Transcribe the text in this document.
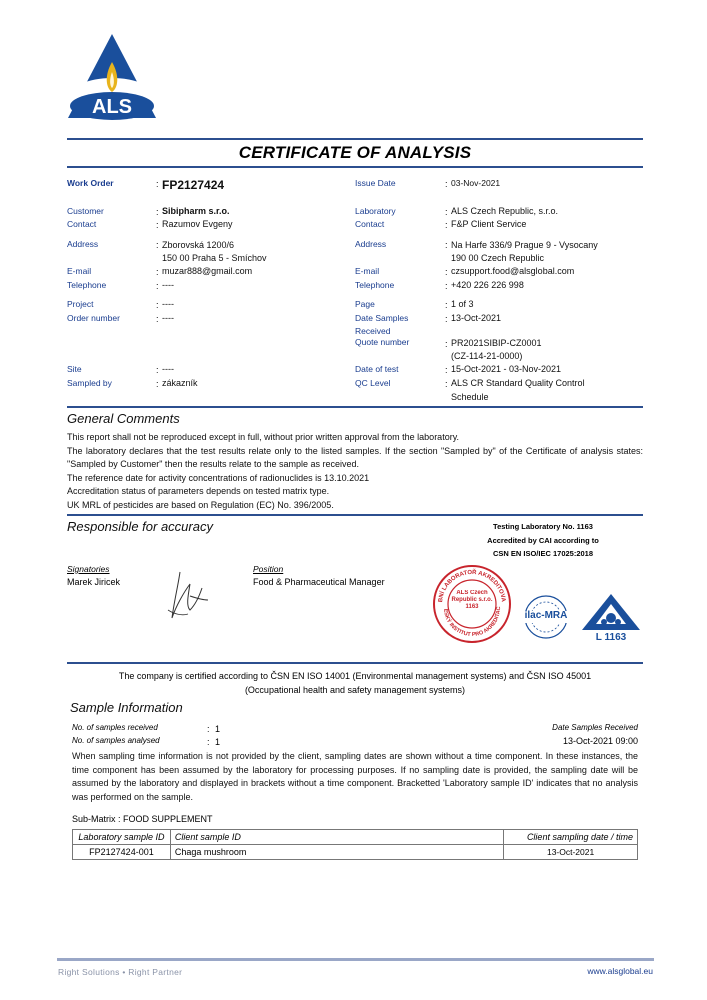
ALS
CERTIFICATE OF ANALYSIS
Work Order	: FP2127424
Customer	: Sibipharm s.r.o.
Contact	: Razumov Evgeny
Address	: Zborovská 1200/6
150 00 Praha 5 - Smíchov
E-mail	: muzar888@gmail.com
Telephone	: ----
Project	: ----
Order number	: ----
Site	: ----
Sampled by	: zákazník
Issue Date	: 03-Nov-2021
Laboratory	: ALS Czech Republic, s.r.o.
Contact	: F&P Client Service
Address	: Na Harfe 336/9 Prague 9 - Vysocany
190 00 Czech Republic
E-mail	: czsupport.food@alsglobal.com
Telephone	: +420 226 226 998
Page	: 1 of 3
Date Samples
Received
: 13-Oct-2021
Quote number	: PR2021SIBIP-CZ0001
(CZ-114-21-0000)
Date of test	: 15-Oct-2021 - 03-Nov-2021
QC Level	: ALS CR Standard Quality Control
Schedule
General Comments

This report shall not be reproduced except in full, without prior written approval from the laboratory.

The laboratory declares that the test results relate only to the listed samples. If the section "Sampled by" of the Certificate of analysis states: "Sampled by Customer" then the results relate to the sample as received.

The reference date for activity concentrations of radionuclides is 13.10.2021

Accreditation status of parameters depends on tested matrix type.

UK MRL of pesticides are based on Regulation (EC) No. 396/2005.

Responsible for accuracy	Testing Laboratory No. 1163
Accredited by CAI according to
CSN EN ISO/IEC 17025:2018
Signatories	Position
Marek Jiricek	Food & Pharmaceutical Manager
BNÍ LABORATOŘ AKREDITOVA
ESKÝ INSTITUT PRO AKREDITAC
ALS Czech Republic s.r.o.
1163
ilac-MRA
L 1163
The company is certified according to ČSN EN ISO 14001 (Environmental management systems) and ČSN ISO 45001
(Occupational health and safety management systems)
Sample Information
No. of samples received	: 1
No. of samples analysed	: 1
Date Samples Received
13-Oct-2021 09:00
When sampling time information is not provided by the client, sampling dates are shown without a time component. In these instances, the time component has been assumed by the laboratory for processing purposes. If no sampling date is provided, the sampling date will be assumed by the laboratory and displayed in brackets without a time component. Bracketted 'Laboratory sample ID' indicates that no analysis was performed on the sample.
Sub-Matrix : FOOD SUPPLEMENT
Laboratory sample ID	Client sample ID	Client sampling date / time
FP2127424-001	Chaga mushroom	13-Oct-2021
Right Solutions • Right Partner	www.alsglobal.eu
